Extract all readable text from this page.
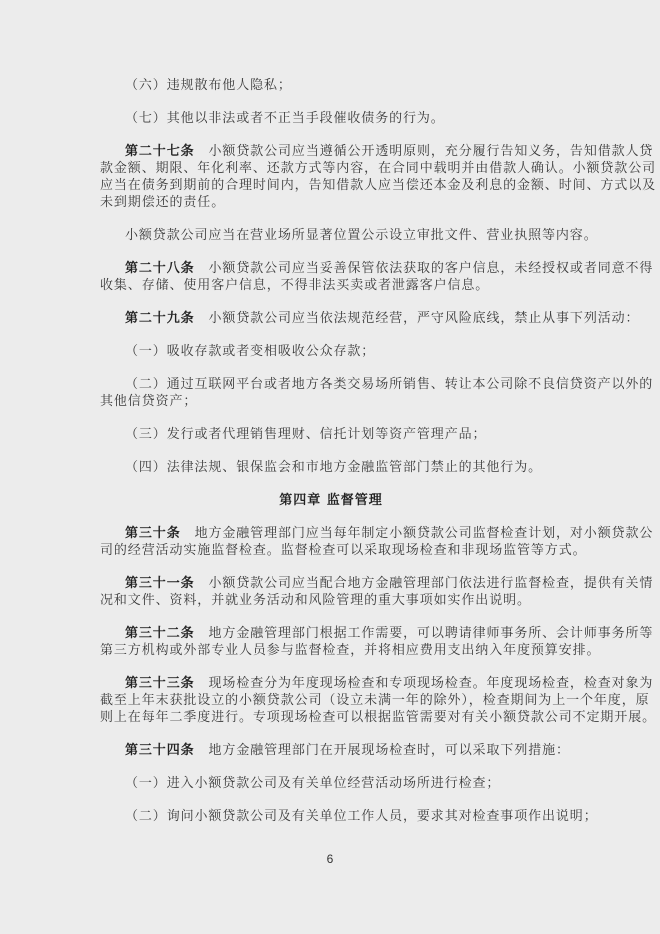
（六）违规散布他人隐私；
（七）其他以非法或者不正当手段催收债务的行为。
第二十七条 小额贷款公司应当遵循公开透明原则，充分履行告知义务，告知借款人贷
款金额、期限、年化利率、还款方式等内容，在合同中载明并由借款人确认。小额贷款公司
应当在债务到期前的合理时间内，告知借款人应当偿还本金及利息的金额、时间、方式以及
未到期偿还的责任。
小额贷款公司应当在营业场所显著位置公示设立审批文件、营业执照等内容。
第二十八条 小额贷款公司应当妥善保管依法获取的客户信息，未经授权或者同意不得
收集、存储、使用客户信息，不得非法买卖或者泄露客户信息。
第二十九条 小额贷款公司应当依法规范经营，严守风险底线，禁止从事下列活动：
（一）吸收存款或者变相吸收公众存款；
（二）通过互联网平台或者地方各类交易场所销售、转让本公司除不良信贷资产以外的
其他信贷资产；
（三）发行或者代理销售理财、信托计划等资产管理产品；
（四）法律法规、银保监会和市地方金融监管部门禁止的其他行为。
第四章 监督管理
第三十条 地方金融管理部门应当每年制定小额贷款公司监督检查计划，对小额贷款公
司的经营活动实施监督检查。监督检查可以采取现场检查和非现场监管等方式。
第三十一条 小额贷款公司应当配合地方金融管理部门依法进行监督检查，提供有关情
况和文件、资料，并就业务活动和风险管理的重大事项如实作出说明。
第三十二条 地方金融管理部门根据工作需要，可以聘请律师事务所、会计师事务所等
第三方机构或外部专业人员参与监督检查，并将相应费用支出纳入年度预算安排。
第三十三条 现场检查分为年度现场检查和专项现场检查。年度现场检查，检查对象为
截至上年末获批设立的小额贷款公司（设立未满一年的除外），检查期间为上一个年度，原
则上在每年二季度进行。专项现场检查可以根据监管需要对有关小额贷款公司不定期开展。
第三十四条 地方金融管理部门在开展现场检查时，可以采取下列措施：
（一）进入小额贷款公司及有关单位经营活动场所进行检查；
（二）询问小额贷款公司及有关单位工作人员，要求其对检查事项作出说明；
6
